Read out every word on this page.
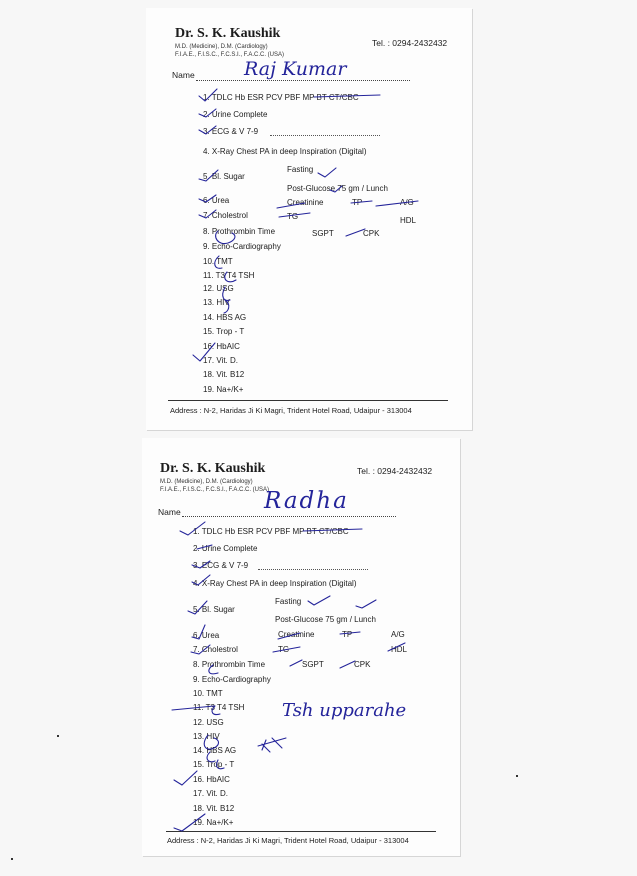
Dr. S. K. Kaushik
M.D. (Medicine), D.M. (Cardiology)
F.I.A.E., F.I.S.C., F.C.S.I., F.A.C.C. (USA)
Tel. : 0294-2432432
Name	Raj Kumar
1. TDLC Hb ESR PCV PBF MP BT CT/CBC
2. Urine Complete
3. ECG & V 7-9
4. X-Ray Chest PA in deep Inspiration (Digital)
5. Bl. Sugar
Fasting
Post-Glucose 75 gm / Lunch
6. Urea	Creatinine	TP	A/G
7. Cholestrol	TG	HDL
8. Prothrombin Time	SGPT	CPK
9. Echo-Cardiography
10. TMT
11. T3 T4 TSH
12. USG
13. HIV
14. HBS AG
15. Trop - T
16. HbAIC
17. Vit. D.
18. Vit. B12
19. Na+/K+
Address : N-2, Haridas Ji Ki Magri, Trident Hotel Road, Udaipur - 313004
Dr. S. K. Kaushik
M.D. (Medicine), D.M. (Cardiology)
F.I.A.E., F.I.S.C., F.C.S.I., F.A.C.C. (USA)
Tel. : 0294-2432432
Name	Radha
1. TDLC Hb ESR PCV PBF MP BT CT/CBC
2. Urine Complete
3. ECG & V 7-9
4. X-Ray Chest PA in deep Inspiration (Digital)
5. Bl. Sugar
Fasting
Post-Glucose 75 gm / Lunch
6. Urea	Creatinine	TP	A/G
7. Cholestrol	TG	HDL
8. Prothrombin Time	SGPT	CPK
9. Echo-Cardiography
10. TMT
11. T3 T4 TSH
12. USG
13. HIV
14. HBS AG
15. Trop - T
16. HbAIC
17. Vit. D.
18. Vit. B12
19. Na+/K+
Tsh upparahe
Address : N-2, Haridas Ji Ki Magri, Trident Hotel Road, Udaipur - 313004
